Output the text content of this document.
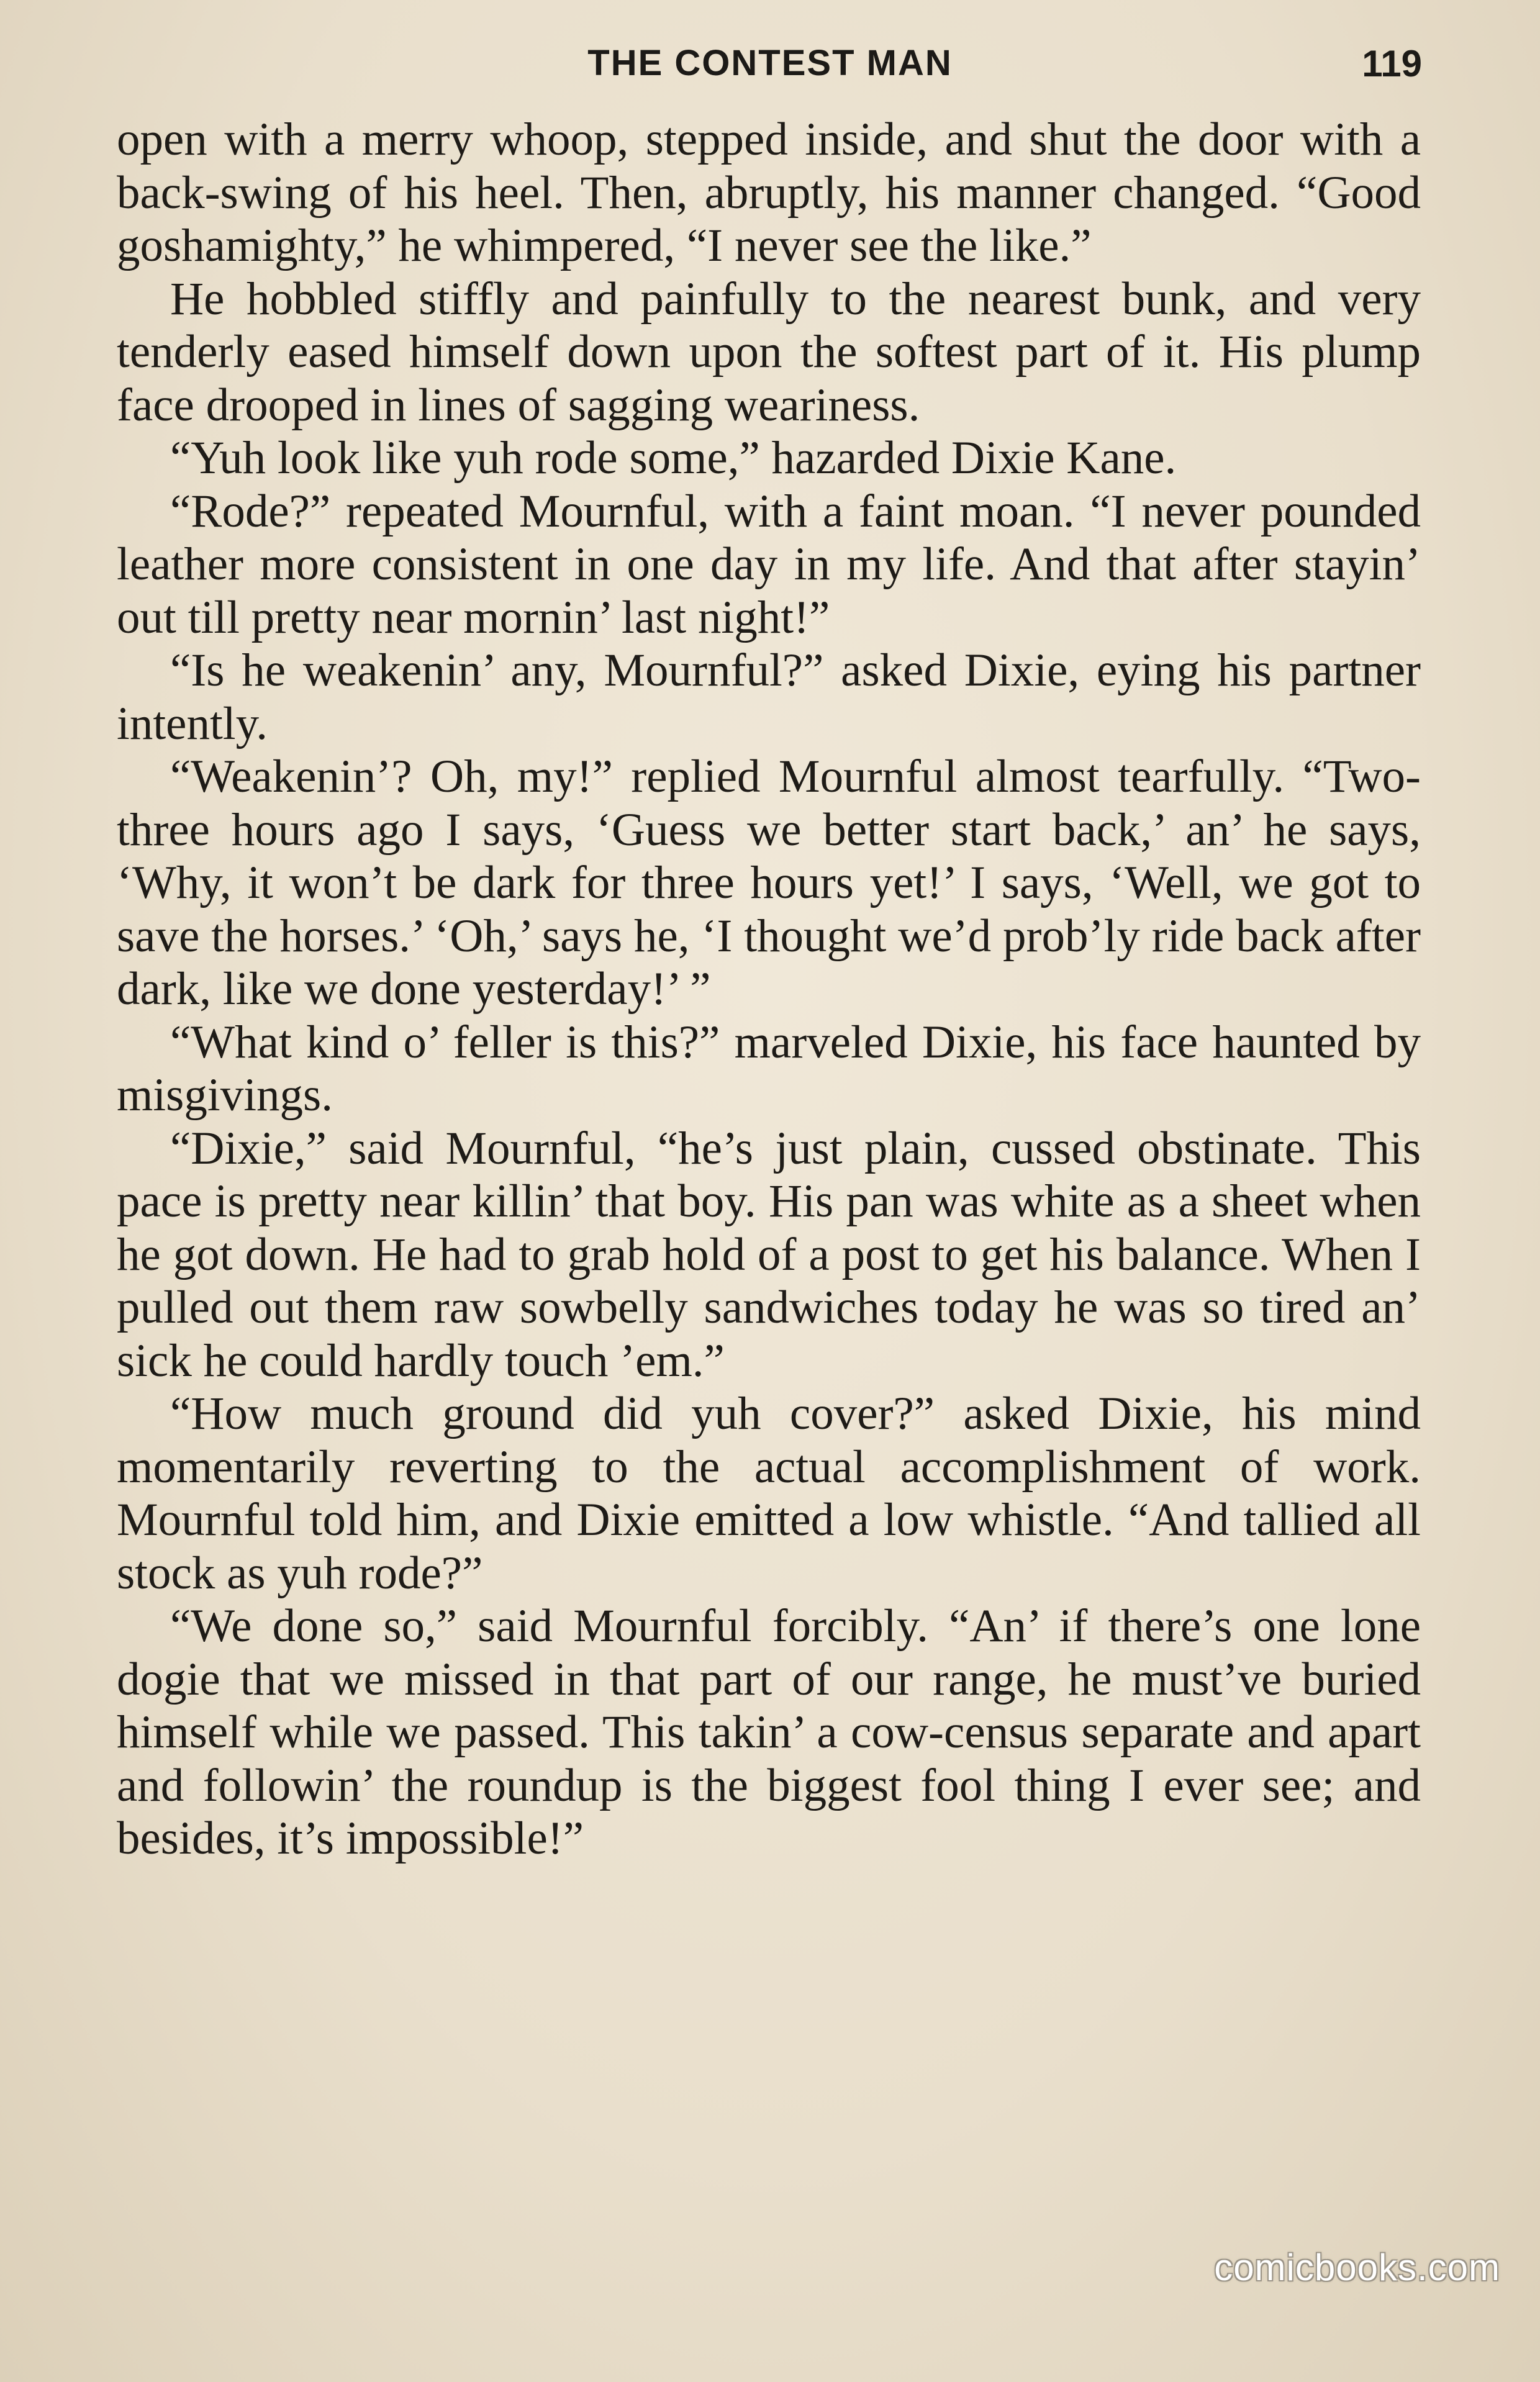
THE CONTEST MAN	119

open with a merry whoop, stepped inside, and shut the door with a back-swing of his heel. Then, abruptly, his manner changed. “Good goshamighty,” he whimpered, “I never see the like.”

He hobbled stiffly and painfully to the nearest bunk, and very tenderly eased himself down upon the softest part of it. His plump face drooped in lines of sagging weariness.

“Yuh look like yuh rode some,” hazarded Dixie Kane.

“Rode?” repeated Mournful, with a faint moan. “I never pounded leather more consistent in one day in my life. And that after stayin’ out till pretty near mornin’ last night!”

“Is he weakenin’ any, Mournful?” asked Dixie, eying his partner intently.

“Weakenin’? Oh, my!” replied Mournful almost tearfully. “Two-three hours ago I says, ‘Guess we better start back,’ an’ he says, ‘Why, it won’t be dark for three hours yet!’ I says, ‘Well, we got to save the horses.’ ‘Oh,’ says he, ‘I thought we’d prob’ly ride back after dark, like we done yesterday!’ ”

“What kind o’ feller is this?” marveled Dixie, his face haunted by misgivings.

“Dixie,” said Mournful, “he’s just plain, cussed obstinate. This pace is pretty near killin’ that boy. His pan was white as a sheet when he got down. He had to grab hold of a post to get his balance. When I pulled out them raw sowbelly sandwiches today he was so tired an’ sick he could hardly touch ’em.”

“How much ground did yuh cover?” asked Dixie, his mind momentarily reverting to the actual accomplishment of work. Mournful told him, and Dixie emitted a low whistle. “And tallied all stock as yuh rode?”

“We done so,” said Mournful forcibly. “An’ if there’s one lone dogie that we missed in that part of our range, he must’ve buried himself while we passed. This takin’ a cow-census separate and apart and followin’ the roundup is the biggest fool thing I ever see; and besides, it’s impossible!”

comicbooks.com
